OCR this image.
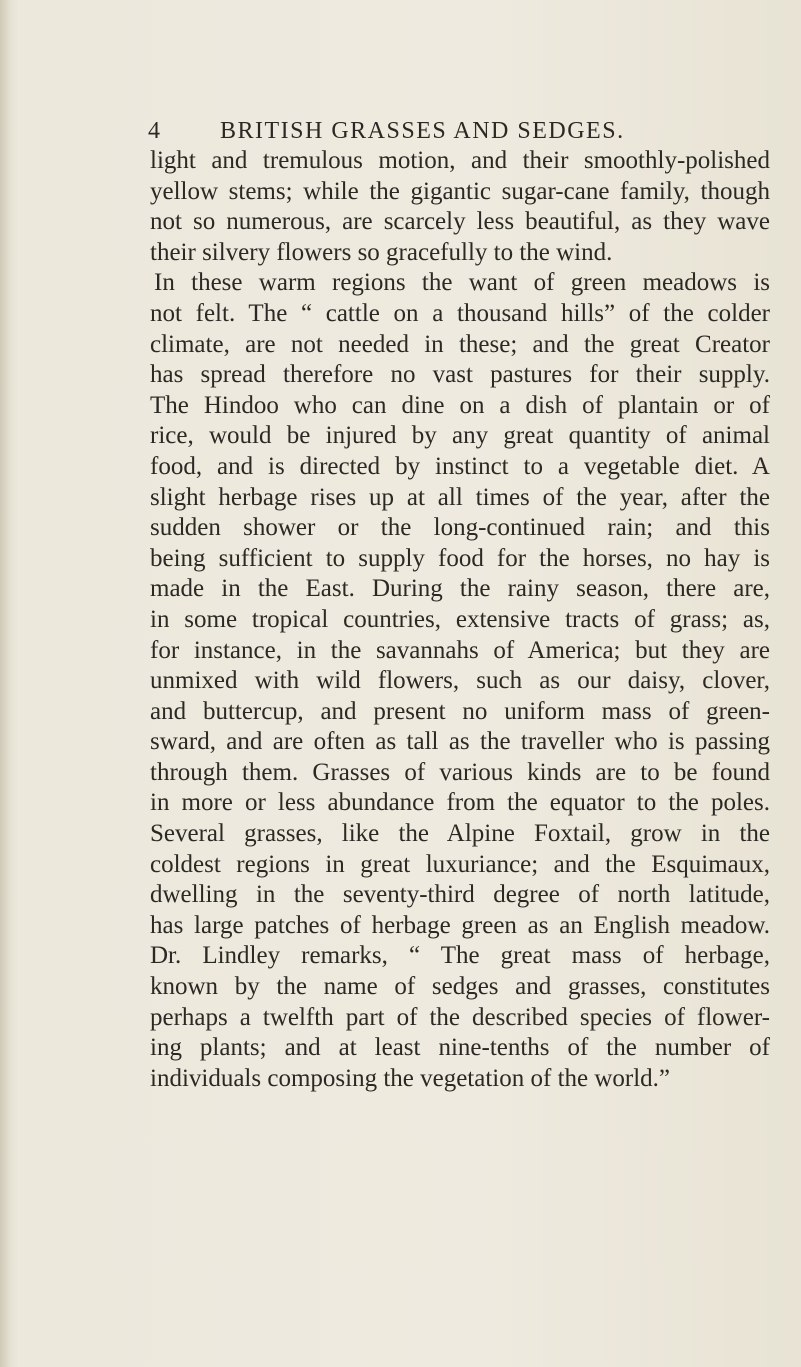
4	BRITISH GRASSES AND SEDGES.
light and tremulous motion, and their smoothly-polished
yellow stems; while the gigantic sugar-cane family, though
not so numerous, are scarcely less beautiful, as they wave
their silvery flowers so gracefully to the wind.
In these warm regions the want of green meadows is
not felt. The “ cattle on a thousand hills” of the colder
climate, are not needed in these; and the great Creator
has spread therefore no vast pastures for their supply.
The Hindoo who can dine on a dish of plantain or of
rice, would be injured by any great quantity of animal
food, and is directed by instinct to a vegetable diet. A
slight herbage rises up at all times of the year, after the
sudden shower or the long-continued rain; and this
being sufficient to supply food for the horses, no hay is
made in the East. During the rainy season, there are,
in some tropical countries, extensive tracts of grass; as,
for instance, in the savannahs of America; but they are
unmixed with wild flowers, such as our daisy, clover,
and buttercup, and present no uniform mass of green-
sward, and are often as tall as the traveller who is passing
through them. Grasses of various kinds are to be found
in more or less abundance from the equator to the poles.
Several grasses, like the Alpine Foxtail, grow in the
coldest regions in great luxuriance; and the Esquimaux,
dwelling in the seventy-third degree of north latitude,
has large patches of herbage green as an English meadow.
Dr. Lindley remarks, “ The great mass of herbage,
known by the name of sedges and grasses, constitutes
perhaps a twelfth part of the described species of flower-
ing plants; and at least nine-tenths of the number of
individuals composing the vegetation of the world.”
